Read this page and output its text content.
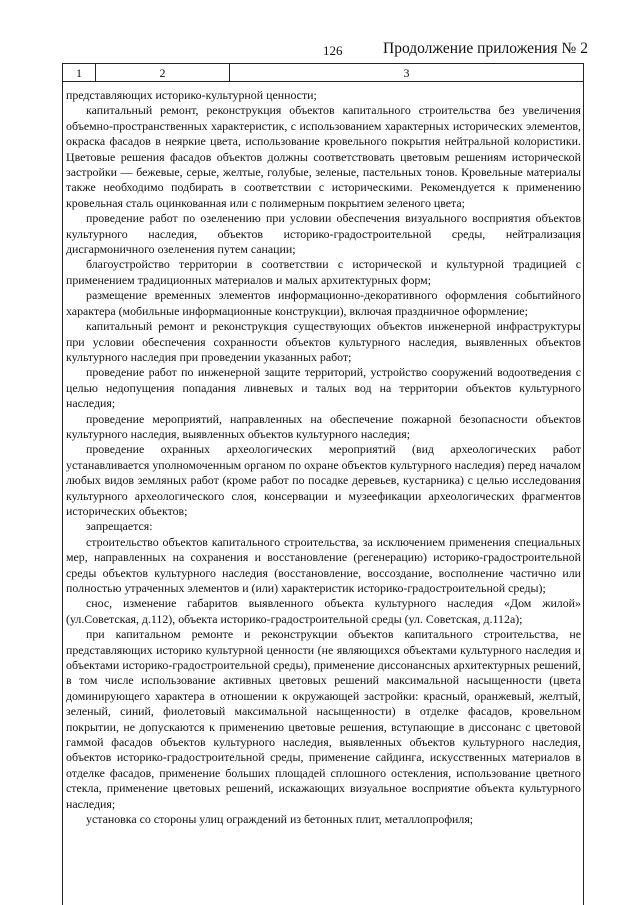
126	Продолжение приложения № 2
1	2	3

представляющих историко-культурной ценности;

капитальный ремонт, реконструкция объектов капитального строительства без увеличения объемно-пространственных характеристик, с использованием характерных исторических элементов, окраска фасадов в неяркие цвета, использование кровельного покрытия нейтральной колористики. Цветовые решения фасадов объектов должны соответствовать цветовым решениям исторической застройки — бежевые, серые, желтые, голубые, зеленые, пастельных тонов. Кровельные материалы также необходимо подбирать в соответствии с историческими. Рекомендуется к применению кровельная сталь оцинкованная или с полимерным покрытием зеленого цвета;

проведение работ по озеленению при условии обеспечения визуального восприятия объектов культурного наследия, объектов историко-градостроительной среды, нейтрализация дисгармоничного озеленения путем санации;

благоустройство территории в соответствии с исторической и культурной традицией с применением традиционных материалов и малых архитектурных форм;

размещение временных элементов информационно-декоративного оформления событийного характера (мобильные информационные конструкции), включая праздничное оформление;

капитальный ремонт и реконструкция существующих объектов инженерной инфраструктуры при условии обеспечения сохранности объектов культурного наследия, выявленных объектов культурного наследия при проведении указанных работ;

проведение работ по инженерной защите территорий, устройство сооружений водоотведения с целью недопущения попадания ливневых и талых вод на территории объектов культурного наследия;

проведение мероприятий, направленных на обеспечение пожарной безопасности объектов культурного наследия, выявленных объектов культурного наследия;

проведение охранных археологических мероприятий (вид археологических работ устанавливается уполномоченным органом по охране объектов культурного наследия) перед началом любых видов земляных работ (кроме работ по посадке деревьев, кустарника) с целью исследования культурного археологического слоя, консервации и музеефикации археологических фрагментов исторических объектов;

запрещается:

строительство объектов капитального строительства, за исключением применения специальных мер, направленных на сохранения и восстановление (регенерацию) историко-градостроительной среды объектов культурного наследия (восстановление, воссоздание, восполнение частично или полностью утраченных элементов и (или) характеристик историко-градостроительной среды);

снос, изменение габаритов выявленного объекта культурного наследия «Дом жилой» (ул.Советская, д.112), объекта историко-градостроительной среды (ул. Советская, д.112а);

при капитальном ремонте и реконструкции объектов капитального строительства, не представляющих историко культурной ценности (не являющихся объектами культурного наследия и объектами историко-градостроительной среды), применение диссонансных архитектурных решений, в том числе использование активных цветовых решений максимальной насыщенности (цвета доминирующего характера в отношении к окружающей застройки: красный, оранжевый, желтый, зеленый, синий, фиолетовый максимальной насыщенности) в отделке фасадов, кровельном покрытии, не допускаются к применению цветовые решения, вступающие в диссонанс с цветовой гаммой фасадов объектов культурного наследия, выявленных объектов культурного наследия, объектов историко-градостроительной среды, применение сайдинга, искусственных материалов в отделке фасадов, применение больших площадей сплошного остекления, использование цветного стекла, применение цветовых решений, искажающих визуальное восприятие объекта культурного наследия;

установка со стороны улиц ограждений из бетонных плит, металлопрофиля;
